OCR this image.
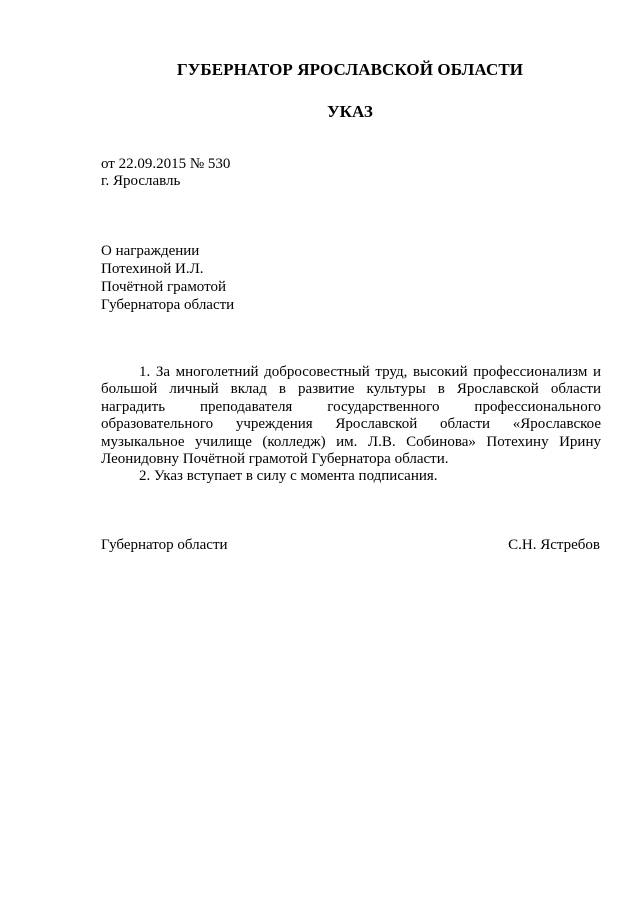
ГУБЕРНАТОР ЯРОСЛАВСКОЙ ОБЛАСТИ
УКАЗ
от 22.09.2015 № 530
г. Ярославль
О награждении
Потехиной И.Л.
Почётной грамотой
Губернатора области

1. За многолетний добросовестный труд, высокий профессионализм и большой личный вклад в развитие культуры в Ярославской области наградить преподавателя государственного профессионального образовательного учреждения Ярославской области «Ярославское музыкальное училище (колледж) им. Л.В. Собинова» Потехину Ирину Леонидовну Почётной грамотой Губернатора области.

2. Указ вступает в силу с момента подписания.

Губернатор области	С.Н. Ястребов
